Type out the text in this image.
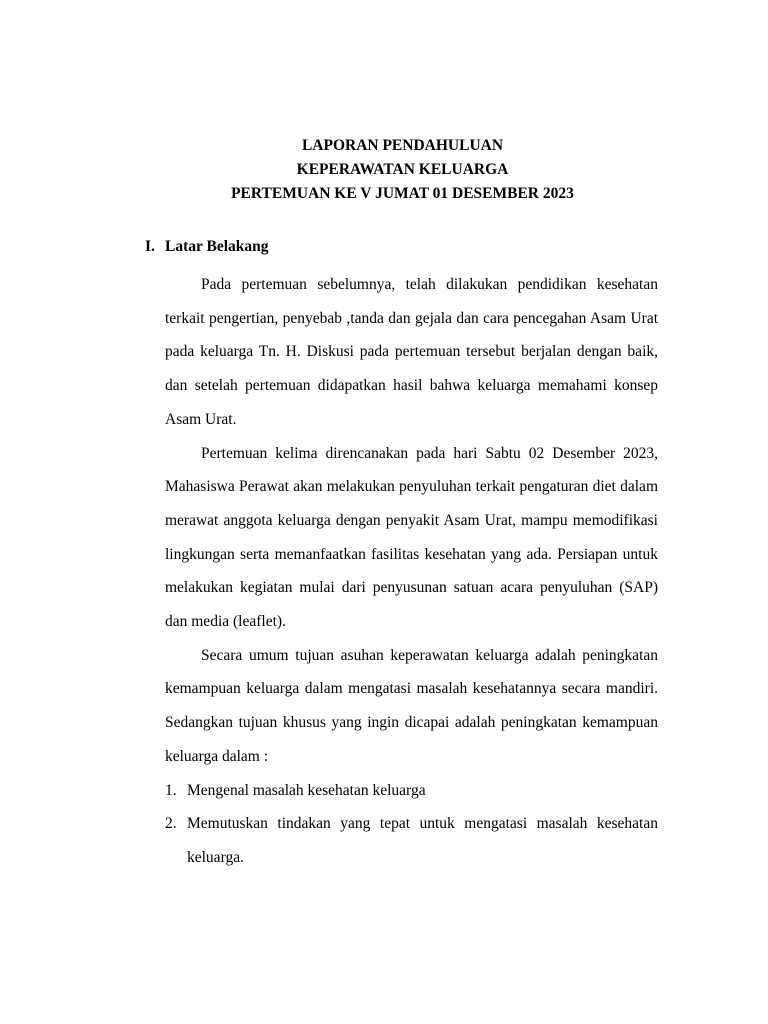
LAPORAN PENDAHULUAN
KEPERAWATAN KELUARGA
PERTEMUAN KE V JUMAT 01 DESEMBER 2023
I. Latar Belakang

Pada pertemuan sebelumnya, telah dilakukan pendidikan kesehatan terkait pengertian, penyebab ,tanda dan gejala dan cara pencegahan Asam Urat pada keluarga Tn. H. Diskusi pada pertemuan tersebut berjalan dengan baik, dan setelah pertemuan didapatkan hasil bahwa keluarga memahami konsep Asam Urat.

Pertemuan kelima direncanakan pada hari Sabtu 02 Desember 2023, Mahasiswa Perawat akan melakukan penyuluhan terkait pengaturan diet dalam merawat anggota keluarga dengan penyakit Asam Urat, mampu memodifikasi lingkungan serta memanfaatkan fasilitas kesehatan yang ada. Persiapan untuk melakukan kegiatan mulai dari penyusunan satuan acara penyuluhan (SAP) dan media (leaflet).

Secara umum tujuan asuhan keperawatan keluarga adalah peningkatan kemampuan keluarga dalam mengatasi masalah kesehatannya secara mandiri. Sedangkan tujuan khusus yang ingin dicapai adalah peningkatan kemampuan keluarga dalam :

1. Mengenal masalah kesehatan keluarga
2. Memutuskan tindakan yang tepat untuk mengatasi masalah kesehatan keluarga.
